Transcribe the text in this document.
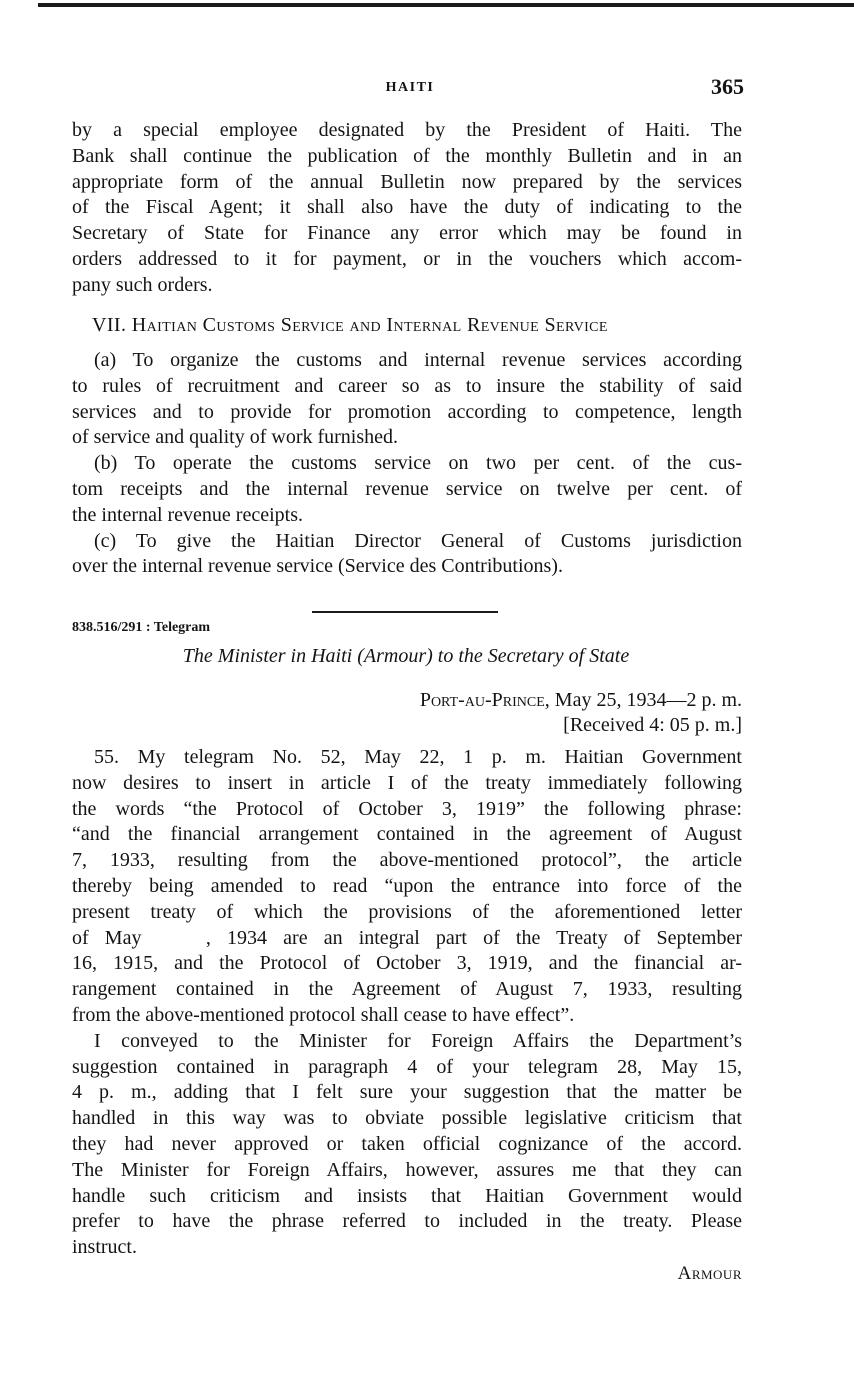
HAITI	365
by a special employee designated by the President of Haiti. The
Bank shall continue the publication of the monthly Bulletin and in an
appropriate form of the annual Bulletin now prepared by the services
of the Fiscal Agent; it shall also have the duty of indicating to the
Secretary of State for Finance any error which may be found in
orders addressed to it for payment, or in the vouchers which accom-
pany such orders.
VII. Haitian Customs Service and Internal Revenue Service
(a) To organize the customs and internal revenue services according
to rules of recruitment and career so as to insure the stability of said
services and to provide for promotion according to competence, length
of service and quality of work furnished.
(b) To operate the customs service on two per cent. of the cus-
tom receipts and the internal revenue service on twelve per cent. of
the internal revenue receipts.
(c) To give the Haitian Director General of Customs jurisdiction
over the internal revenue service (Service des Contributions).
838.516/291 : Telegram
The Minister in Haiti (Armour) to the Secretary of State
Port-au-Prince, May 25, 1934—2 p. m.
[Received 4: 05 p. m.]
55. My telegram No. 52, May 22, 1 p. m. Haitian Government
now desires to insert in article I of the treaty immediately following
the words “the Protocol of October 3, 1919” the following phrase:
“and the financial arrangement contained in the agreement of August
7, 1933, resulting from the above-mentioned protocol”, the article
thereby being amended to read “upon the entrance into force of the
present treaty of which the provisions of the aforementioned letter
of May    , 1934 are an integral part of the Treaty of September
16, 1915, and the Protocol of October 3, 1919, and the financial ar-
rangement contained in the Agreement of August 7, 1933, resulting
from the above-mentioned protocol shall cease to have effect”.
I conveyed to the Minister for Foreign Affairs the Department’s
suggestion contained in paragraph 4 of your telegram 28, May 15,
4 p. m., adding that I felt sure your suggestion that the matter be
handled in this way was to obviate possible legislative criticism that
they had never approved or taken official cognizance of the accord.
The Minister for Foreign Affairs, however, assures me that they can
handle such criticism and insists that Haitian Government would
prefer to have the phrase referred to included in the treaty. Please
instruct.
Armour
